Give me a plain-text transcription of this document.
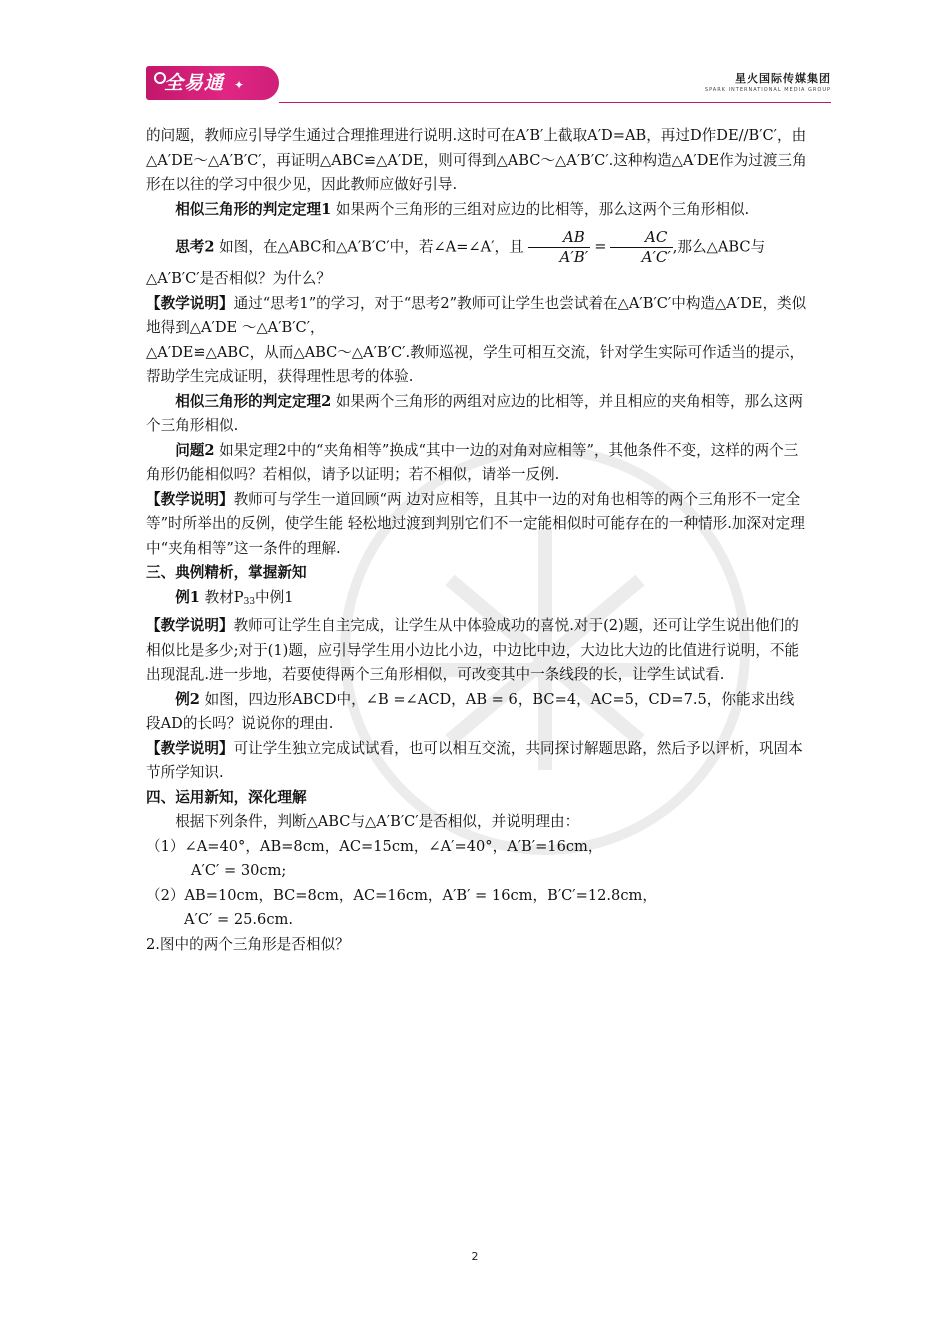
全易通 ✦	星火国际传媒集团
SPARK INTERNATIONAL MEDIA GROUP

的问题，教师应引导学生通过合理推理进行说明.这时可在A′B′上截取A′D=AB，再过D作DE//B′C′，由△A′DE～△A′B′C′，再证明△ABC≌△A′DE，则可得到△ABC～△A′B′C′.这种构造△A′DE作为过渡三角形在以往的学习中很少见，因此教师应做好引导.

相似三角形的判定定理1 如果两个三角形的三组对应边的比相等，那么这两个三角形相似.

思考2 如图，在△ABC和△A′B′C′中，若∠A=∠A′，且 $\frac{AB}{A'B'} = \frac{AC}{A'C'}$ ,那么△ABC与

△A′B′C′是否相似？为什么？

【教学说明】通过“思考1”的学习，对于“思考2”教师可让学生也尝试着在△A′B′C′中构造△A′DE，类似地得到△A′DE ～△A′B′C′，

△A′DE≌△ABC，从而△ABC～△A′B′C′.教师巡视，学生可相互交流，针对学生实际可作适当的提示，帮助学生完成证明，获得理性思考的体验.

相似三角形的判定定理2 如果两个三角形的两组对应边的比相等，并且相应的夹角相等，那么这两个三角形相似.

问题2 如果定理2中的“夹角相等”换成“其中一边的对角对应相等”，其他条件不变，这样的两个三角形仍能相似吗？若相似，请予以证明；若不相似，请举一反例.

【教学说明】教师可与学生一道回顾“两 边对应相等，且其中一边的对角也相等的两个三角形不一定全等”时所举出的反例，使学生能 轻松地过渡到判别它们不一定能相似时可能存在的一种情形.加深对定理中“夹角相等”这一条件的理解.

三、典例精析，掌握新知

例1 教材$P_{33}$中例1

【教学说明】教师可让学生自主完成，让学生从中体验成功的喜悦.对于(2)题，还可让学生说出他们的相似比是多少;对于(1)题，应引导学生用小边比小边，中边比中边，大边比大边的比值进行说明，不能出现混乱.进一步地，若要使得两个三角形相似，可改变其中一条线段的长，让学生试试看.

例2 如图，四边形ABCD中，∠B =∠ACD，AB = 6，BC=4，AC=5，CD=7.5，你能求出线段AD的长吗？说说你的理由.

【教学说明】可让学生独立完成试试看，也可以相互交流，共同探讨解题思路，然后予以评析，巩固本节所学知识.

四、运用新知，深化理解

根据下列条件，判断△ABC与△A′B′C′是否相似，并说明理由：

（1）∠A=40°，AB=8cm，AC=15cm，∠A′=40°，A′B′=16cm，

A′C′ = 30cm;

（2）AB=10cm，BC=8cm，AC=16cm，A′B′ = 16cm，B′C′=12.8cm，

A′C′ = 25.6cm.

2.图中的两个三角形是否相似？

2
